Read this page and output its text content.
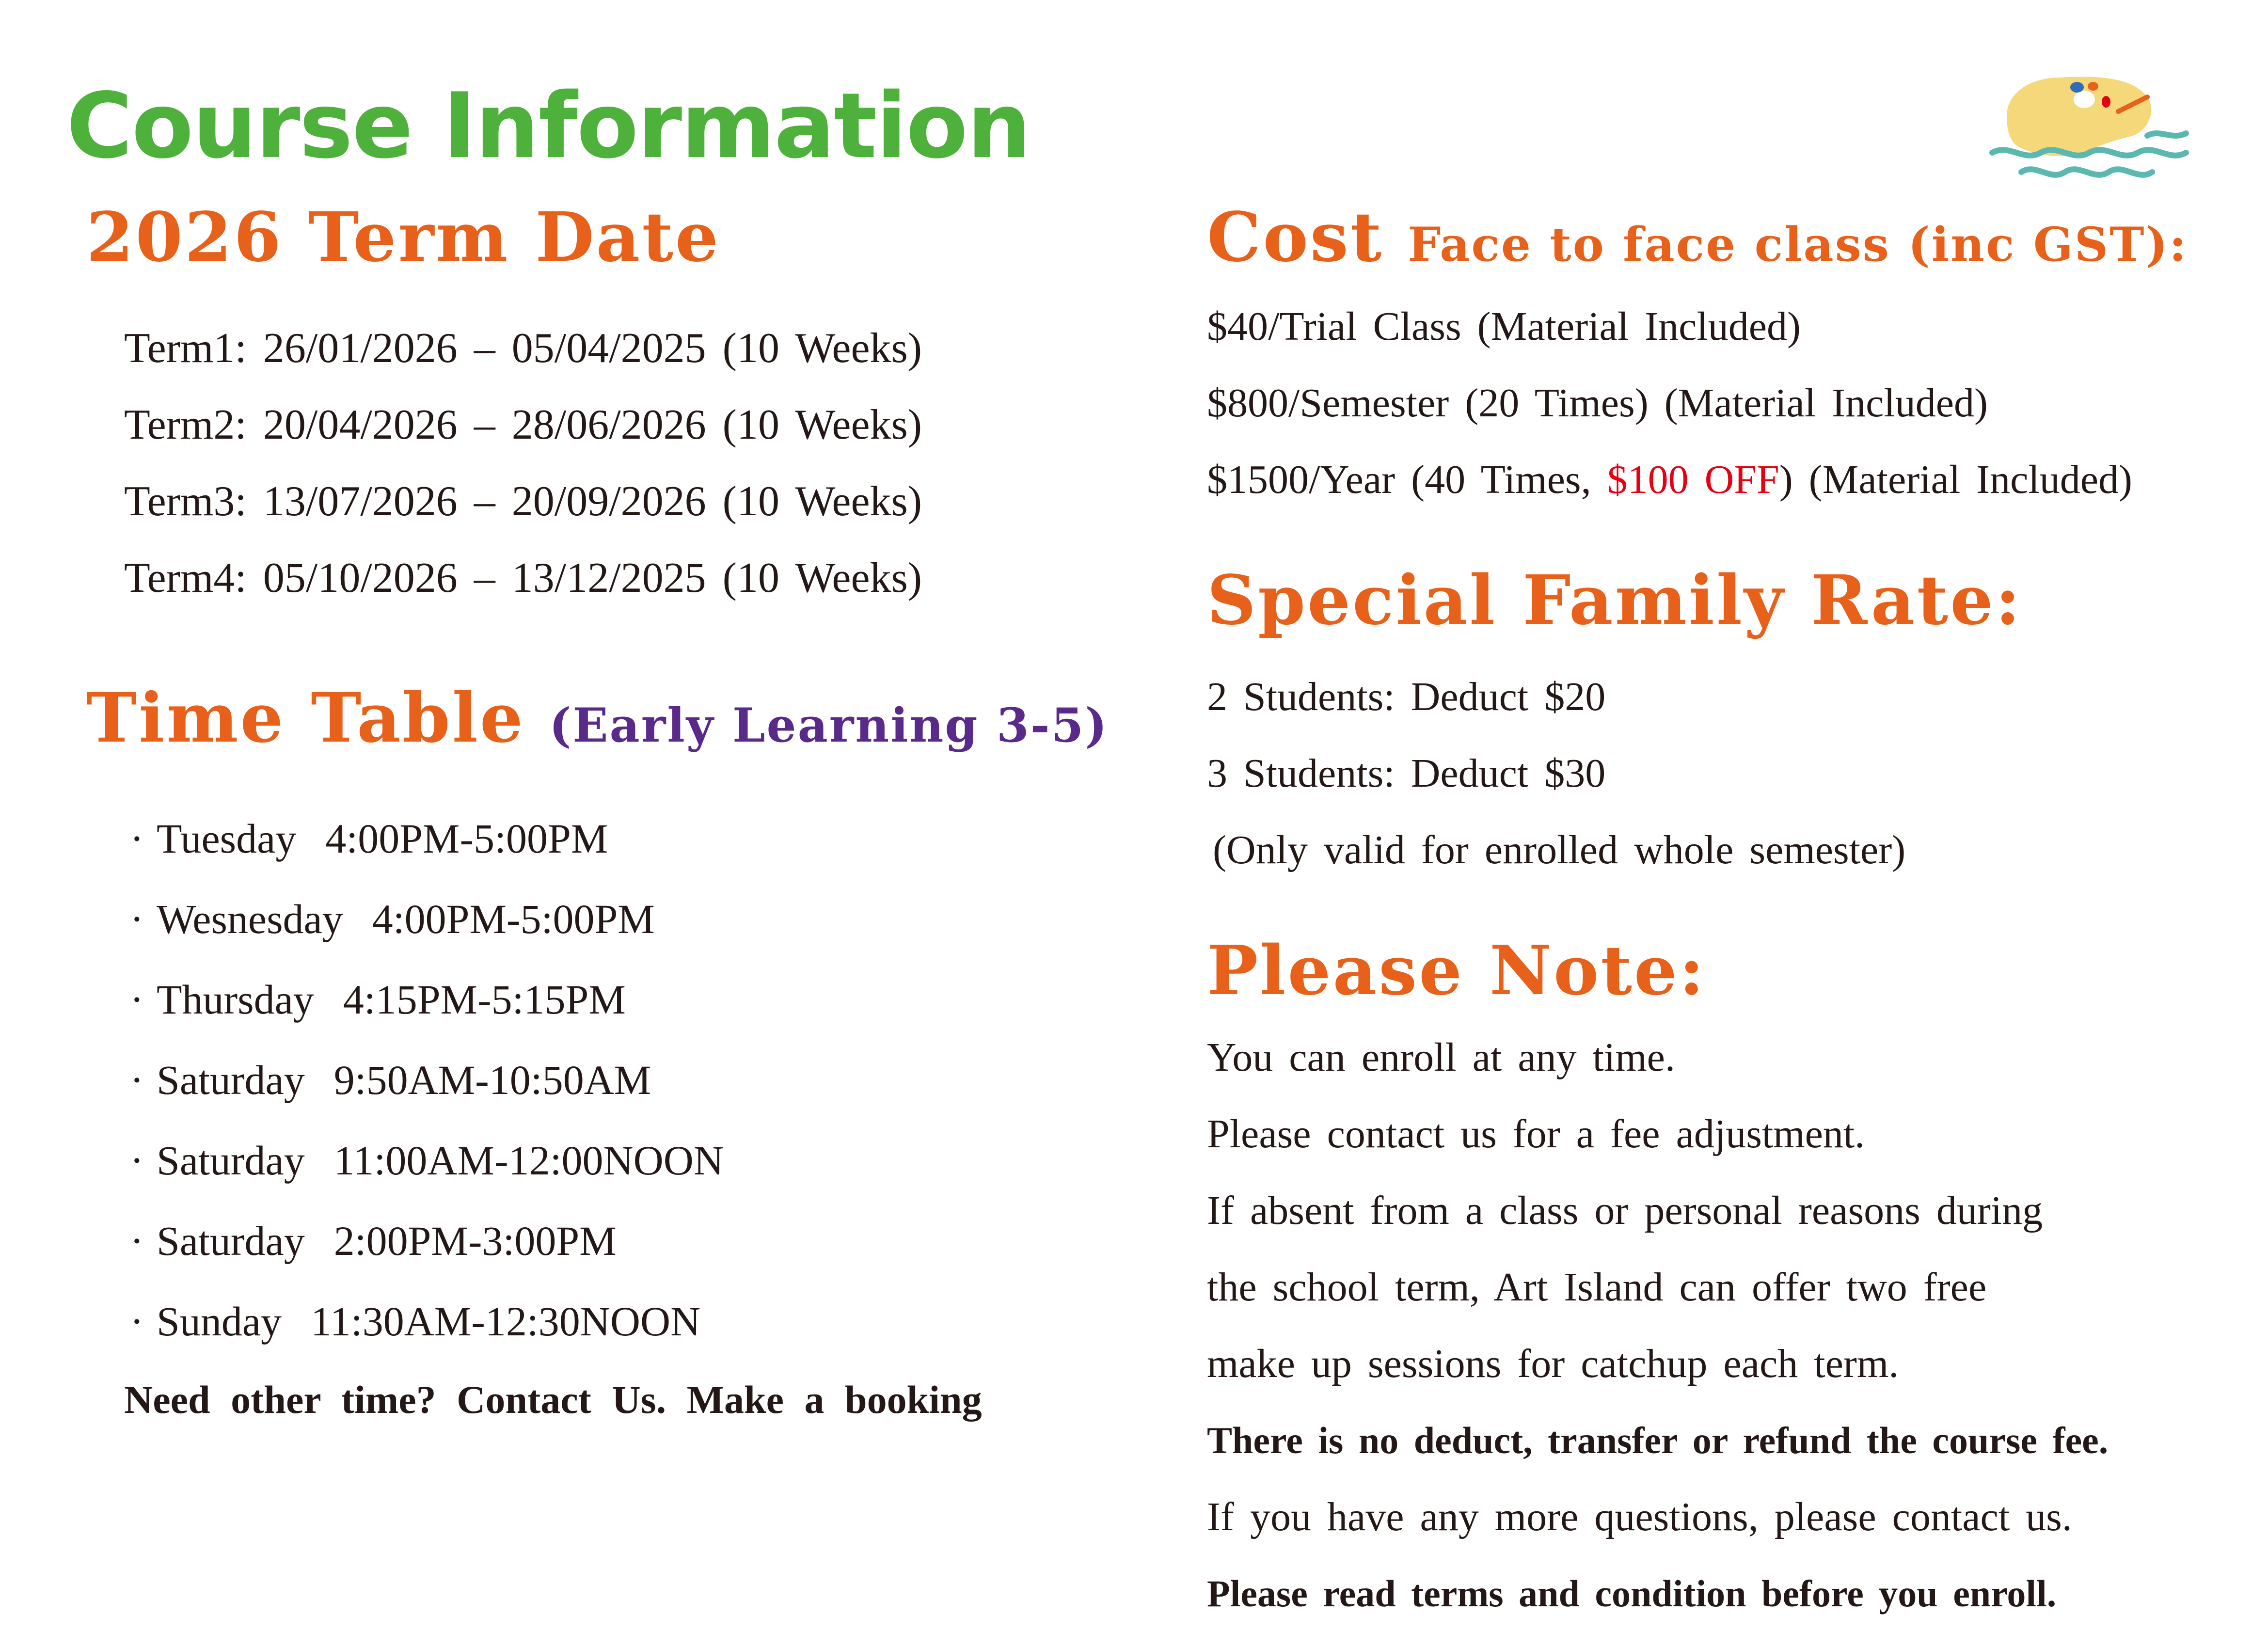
Course Information
2026 Term Date
Term1: 26/01/2026 – 05/04/2025 (10 Weeks)
Term2: 20/04/2026 – 28/06/2026 (10 Weeks)
Term3: 13/07/2026 – 20/09/2026 (10 Weeks)
Term4: 05/10/2026 – 13/12/2025 (10 Weeks)
Time Table (Early Learning 3-5)
· Tuesday 4:00PM-5:00PM
· Wesnesday 4:00PM-5:00PM
· Thursday 4:15PM-5:15PM
· Saturday 9:50AM-10:50AM
· Saturday 11:00AM-12:00NOON
· Saturday 2:00PM-3:00PM
· Sunday 11:30AM-12:30NOON
Need other time? Contact Us. Make a booking
Cost Face to face class (inc GST):
$40/Trial Class (Material Included)
$800/Semester (20 Times) (Material Included)
$1500/Year (40 Times, $100 OFF) (Material Included)
Special Family Rate:
2 Students: Deduct $20
3 Students: Deduct $30
(Only valid for enrolled whole semester)
Please Note:
You can enroll at any time.
Please contact us for a fee adjustment.
If absent from a class or personal reasons during
the school term, Art Island can offer two free
make up sessions for catchup each term.
There is no deduct, transfer or refund the course fee.
If you have any more questions, please contact us.
Please read terms and condition before you enroll.
